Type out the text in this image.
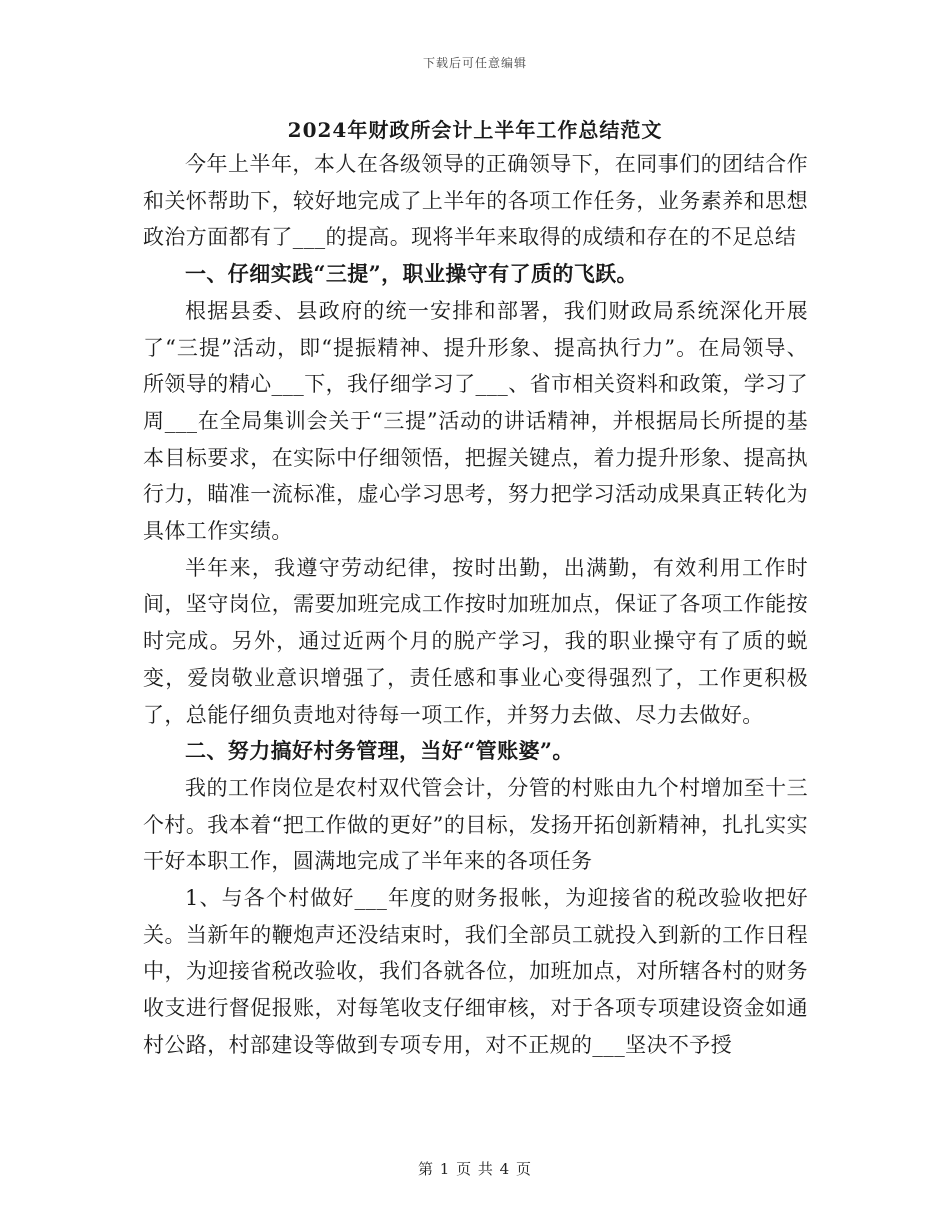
下载后可任意编辑
2024年财政所会计上半年工作总结范文

今年上半年，本人在各级领导的正确领导下，在同事们的团结合作和关怀帮助下，较好地完成了上半年的各项工作任务，业务素养和思想政治方面都有了___的提高。现将半年来取得的成绩和存在的不足总结

一、仔细实践“三提”，职业操守有了质的飞跃。

根据县委、县政府的统一安排和部署，我们财政局系统深化开展了“三提”活动，即“提振精神、提升形象、提高执行力”。在局领导、所领导的精心___下，我仔细学习了___、省市相关资料和政策，学习了周___在全局集训会关于“三提”活动的讲话精神，并根据局长所提的基本目标要求，在实际中仔细领悟，把握关键点，着力提升形象、提高执行力，瞄准一流标准，虚心学习思考，努力把学习活动成果真正转化为具体工作实绩。

半年来，我遵守劳动纪律，按时出勤，出满勤，有效利用工作时间，坚守岗位，需要加班完成工作按时加班加点，保证了各项工作能按时完成。另外，通过近两个月的脱产学习，我的职业操守有了质的蜕变，爱岗敬业意识增强了，责任感和事业心变得强烈了，工作更积极了，总能仔细负责地对待每一项工作，并努力去做、尽力去做好。

二、努力搞好村务管理，当好“管账婆”。

我的工作岗位是农村双代管会计，分管的村账由九个村增加至十三个村。我本着“把工作做的更好”的目标，发扬开拓创新精神，扎扎实实干好本职工作，圆满地完成了半年来的各项任务

1、与各个村做好___年度的财务报帐，为迎接省的税改验收把好关。当新年的鞭炮声还没结束时，我们全部员工就投入到新的工作日程中，为迎接省税改验收，我们各就各位，加班加点，对所辖各村的财务收支进行督促报账，对每笔收支仔细审核，对于各项专项建设资金如通村公路，村部建设等做到专项专用，对不正规的___坚决不予授

第 1 页 共 4 页
